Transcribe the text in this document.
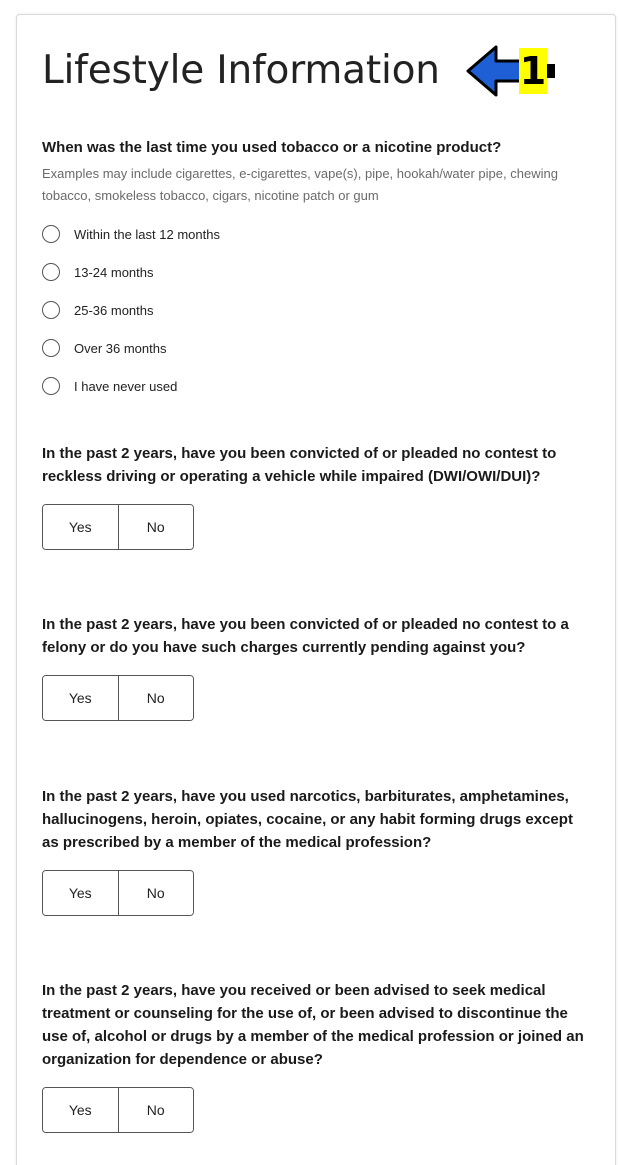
Lifestyle Information 1

When was the last time you used tobacco or a nicotine product?

Examples may include cigarettes, e-cigarettes, vape(s), pipe, hookah/water pipe, chewing tobacco, smokeless tobacco, cigars, nicotine patch or gum

Within the last 12 months
13-24 months
25-36 months
Over 36 months
I have never used

In the past 2 years, have you been convicted of or pleaded no contest to reckless driving or operating a vehicle while impaired (DWI/OWI/DUI)?

Yes	No

In the past 2 years, have you been convicted of or pleaded no contest to a felony or do you have such charges currently pending against you?

Yes	No

In the past 2 years, have you used narcotics, barbiturates, amphetamines, hallucinogens, heroin, opiates, cocaine, or any habit forming drugs except as prescribed by a member of the medical profession?

Yes	No

In the past 2 years, have you received or been advised to seek medical treatment or counseling for the use of, or been advised to discontinue the use of, alcohol or drugs by a member of the medical profession or joined an organization for dependence or abuse?

Yes	No
